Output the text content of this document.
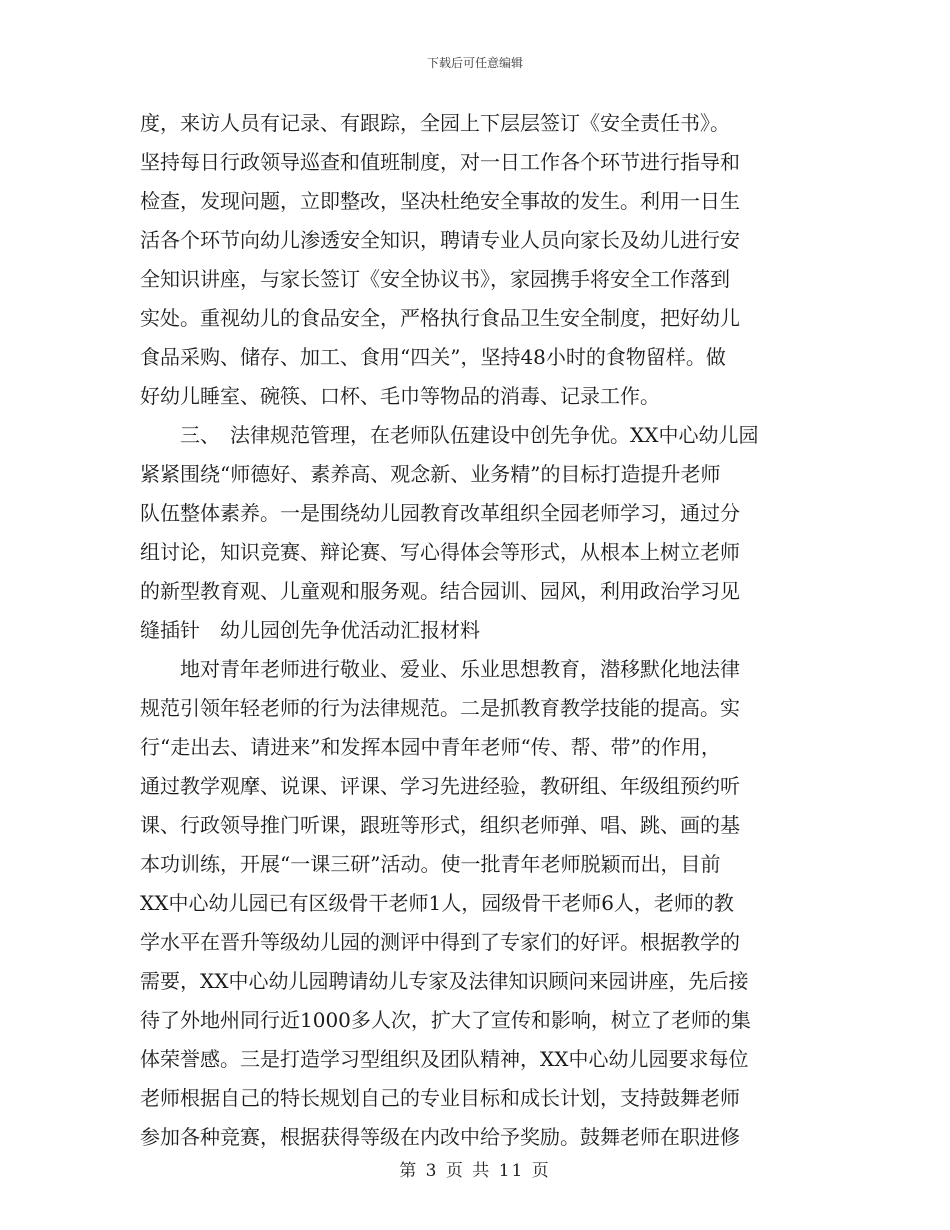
下载后可任意编辑
度，来访人员有记录、有跟踪，全园上下层层签订《安全责任书》。
坚持每日行政领导巡查和值班制度，对一日工作各个环节进行指导和
检查，发现问题，立即整改，坚决杜绝安全事故的发生。利用一日生
活各个环节向幼儿渗透安全知识，聘请专业人员向家长及幼儿进行安
全知识讲座，与家长签订《安全协议书》，家园携手将安全工作落到
实处。重视幼儿的食品安全，严格执行食品卫生安全制度，把好幼儿
食品采购、储存、加工、食用“四关”，坚持48小时的食物留样。做
好幼儿睡室、碗筷、口杯、毛巾等物品的消毒、记录工作。
　　三、　法律规范管理，在老师队伍建设中创先争优。XX中心幼儿园
紧紧围绕“师德好、素养高、观念新、业务精”的目标打造提升老师
队伍整体素养。一是围绕幼儿园教育改革组织全园老师学习，通过分
组讨论，知识竞赛、辩论赛、写心得体会等形式，从根本上树立老师
的新型教育观、儿童观和服务观。结合园训、园风，利用政治学习见
缝插针　幼儿园创先争优活动汇报材料
　　地对青年老师进行敬业、爱业、乐业思想教育，潜移默化地法律
规范引领年轻老师的行为法律规范。二是抓教育教学技能的提高。实
行“走出去、请进来”和发挥本园中青年老师“传、帮、带”的作用，
通过教学观摩、说课、评课、学习先进经验，教研组、年级组预约听
课、行政领导推门听课，跟班等形式，组织老师弹、唱、跳、画的基
本功训练，开展“一课三研”活动。使一批青年老师脱颖而出，目前
XX中心幼儿园已有区级骨干老师1人，园级骨干老师6人，老师的教
学水平在晋升等级幼儿园的测评中得到了专家们的好评。根据教学的
需要，XX中心幼儿园聘请幼儿专家及法律知识顾问来园讲座，先后接
待了外地州同行近1000多人次，扩大了宣传和影响，树立了老师的集
体荣誉感。三是打造学习型组织及团队精神，XX中心幼儿园要求每位
老师根据自己的特长规划自己的专业目标和成长计划，支持鼓舞老师
参加各种竞赛，根据获得等级在内改中给予奖励。鼓舞老师在职进修
第 3 页 共 11 页
